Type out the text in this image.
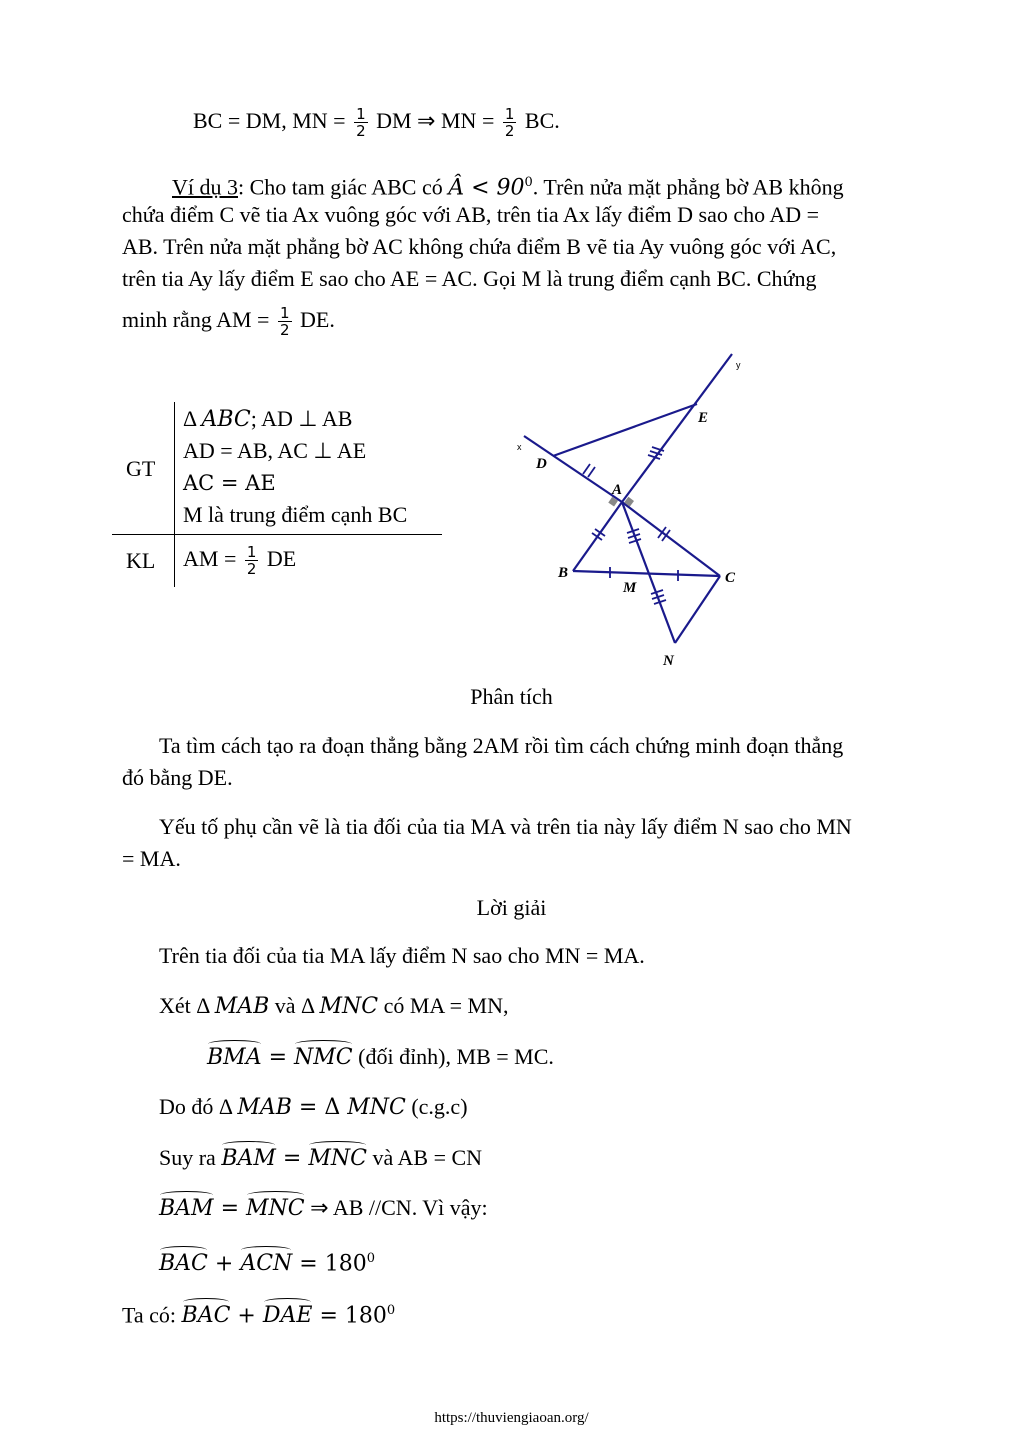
BC = DM, MN = $\frac{1}{2}$ DM ⇒ MN = $\frac{1}{2}$ BC.
Ví dụ 3: Cho tam giác ABC có Â < $90^0$. Trên nửa mặt phẳng bờ AB không
chứa điểm C vẽ tia Ax vuông góc với AB, trên tia Ax lấy điểm D sao cho AD =
AB. Trên nửa mặt phẳng bờ AC không chứa điểm B vẽ tia Ay vuông góc với AC,
trên tia Ay lấy điểm E sao cho AE = AC. Gọi M là trung điểm cạnh BC. Chứng
minh rằng AM = $\frac{1}{2}$ DE.
GT
KL
Δ ABC; AD ⊥ AB
AD = AB, AC ⊥ AE
AC = AE
M là trung điểm cạnh BC
AM = $\frac{1}{2}$ DE
D
E
A
B	C
M
N
x
y
Phân tích
Ta tìm cách tạo ra đoạn thẳng bằng 2AM rồi tìm cách chứng minh đoạn thẳng
đó bằng DE.
Yếu tố phụ cần vẽ là tia đối của tia MA và trên tia này lấy điểm N sao cho MN
= MA.
Lời giải
Trên tia đối của tia MA lấy điểm N sao cho MN = MA.
Xét Δ MAB và Δ MNC có MA = MN,
BMA = NMC (đối đỉnh), MB = MC.
Do đó Δ MAB = Δ MNC (c.g.c)
Suy ra BAM = MNC và AB = CN
BAM = MNC ⇒ AB //CN. Vì vậy:
BAC + ACN = $180^0$
Ta có: BAC + DAE = $180^0$
https://thuviengiaoan.org/
